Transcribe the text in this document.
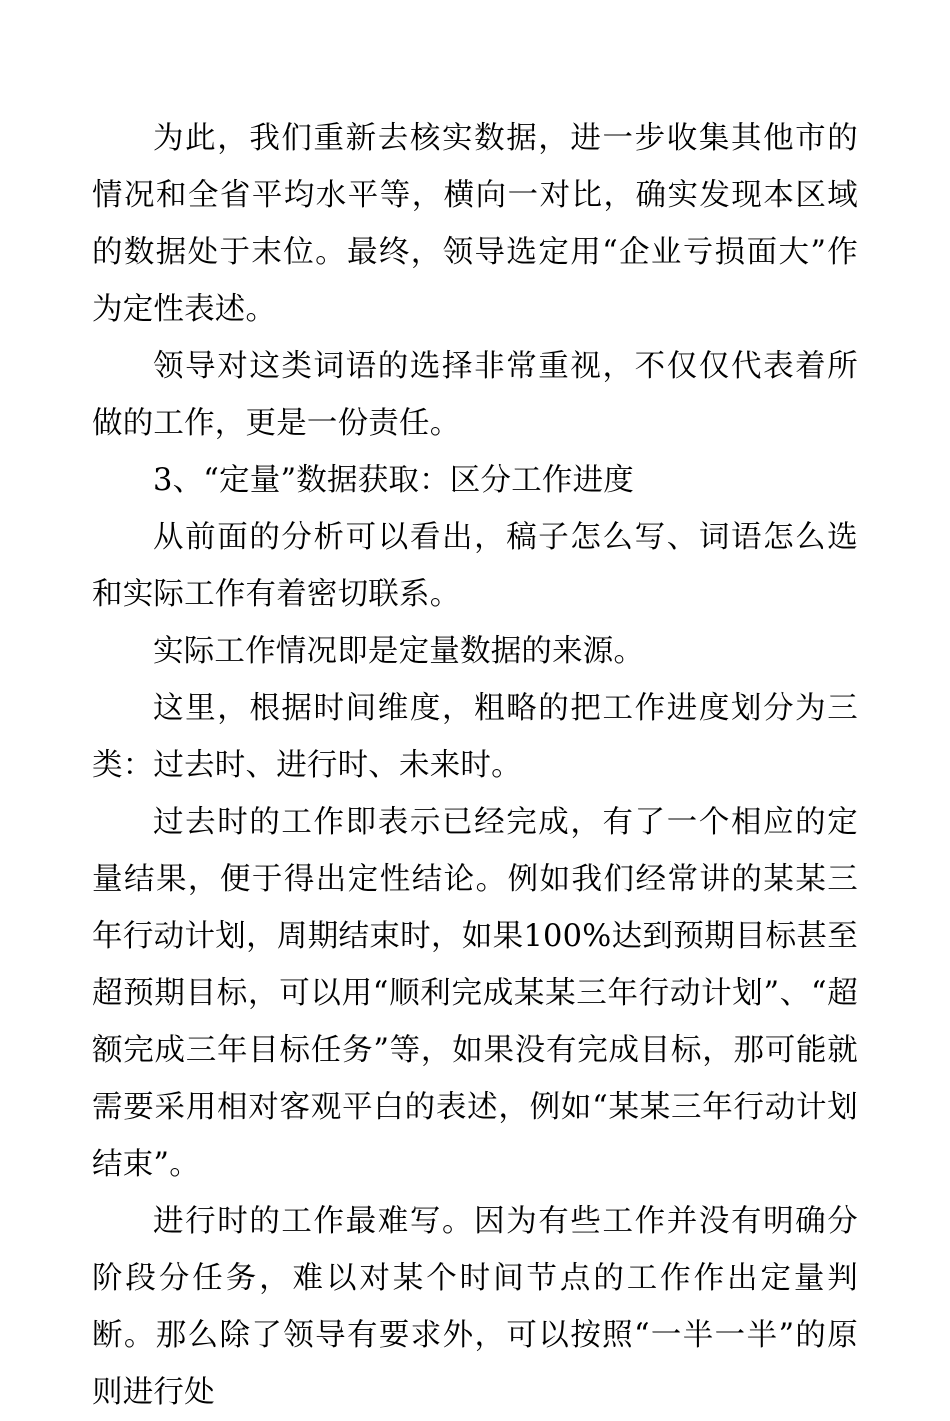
为此，我们重新去核实数据，进一步收集其他市的情况和全省平均水平等，横向一对比，确实发现本区域的数据处于末位。最终，领导选定用“企业亏损面大”作为定性表述。

领导对这类词语的选择非常重视，不仅仅代表着所做的工作，更是一份责任。

3、“定量”数据获取：区分工作进度

从前面的分析可以看出，稿子怎么写、词语怎么选和实际工作有着密切联系。

实际工作情况即是定量数据的来源。

这里，根据时间维度，粗略的把工作进度划分为三类：过去时、进行时、未来时。

过去时的工作即表示已经完成，有了一个相应的定量结果，便于得出定性结论。例如我们经常讲的某某三年行动计划，周期结束时，如果100%达到预期目标甚至超预期目标，可以用“顺利完成某某三年行动计划”、“超额完成三年目标任务”等，如果没有完成目标，那可能就需要采用相对客观平白的表述，例如“某某三年行动计划结束”。

进行时的工作最难写。因为有些工作并没有明确分阶段分任务，难以对某个时间节点的工作作出定量判断。那么除了领导有要求外，可以按照“一半一半”的原则进行处
